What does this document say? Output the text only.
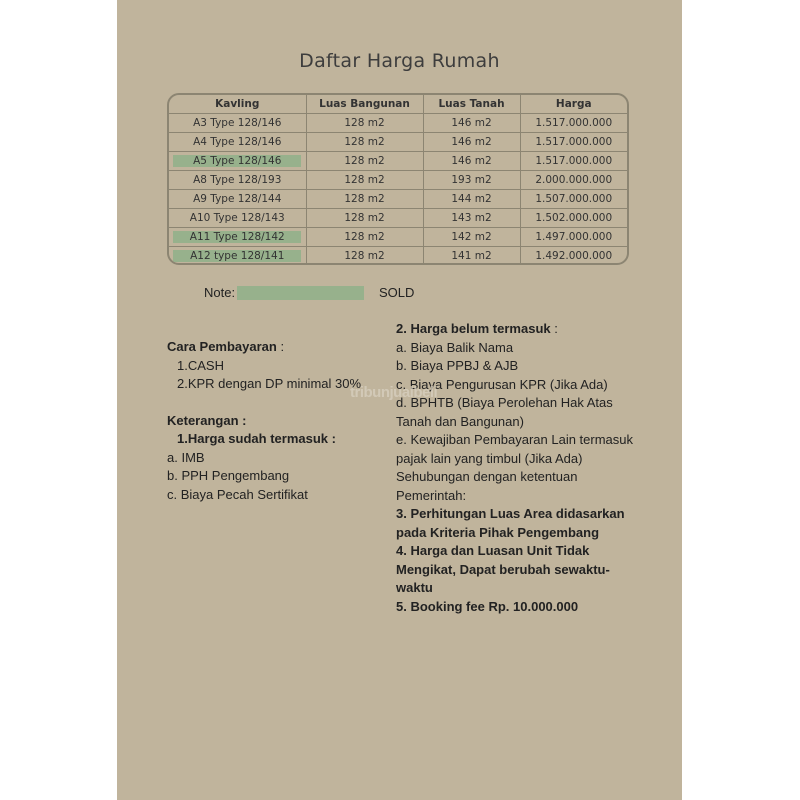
Daftar Harga Rumah
Kavling	Luas Bangunan	Luas Tanah	Harga

A3 Type 128/146	128 m2	146 m2	1.517.000.000

A4 Type 128/146	128 m2	146 m2	1.517.000.000

A5 Type 128/146	128 m2	146 m2	1.517.000.000

A8 Type 128/193	128 m2	193 m2	2.000.000.000

A9 Type 128/144	128 m2	144 m2	1.507.000.000

A10 Type 128/143	128 m2	143 m2	1.502.000.000

A11 Type 128/142	128 m2	142 m2	1.497.000.000

A12 type 128/141	128 m2	141 m2	1.492.000.000
Note:	SOLD
Cara Pembayaran :
1.CASH
2.KPR dengan DP minimal 30%
Keterangan :
1.Harga sudah termasuk :
a. IMB
b. PPH Pengembang
c. Biaya Pecah Sertifikat
2. Harga belum termasuk :
a. Biaya Balik Nama
b. Biaya PPBJ & AJB
c. Biaya Pengurusan KPR (Jika Ada)
d. BPHTB (Biaya Perolehan Hak Atas Tanah dan Bangunan)
e. Kewajiban Pembayaran Lain termasuk pajak lain yang timbul (Jika Ada)
Sehubungan dengan ketentuan Pemerintah:
3. Perhitungan Luas Area didasarkan pada Kriteria Pihak Pengembang
4. Harga dan Luasan Unit Tidak Mengikat, Dapat berubah sewaktu-waktu
5. Booking fee Rp. 10.000.000
tribunjualbeli
